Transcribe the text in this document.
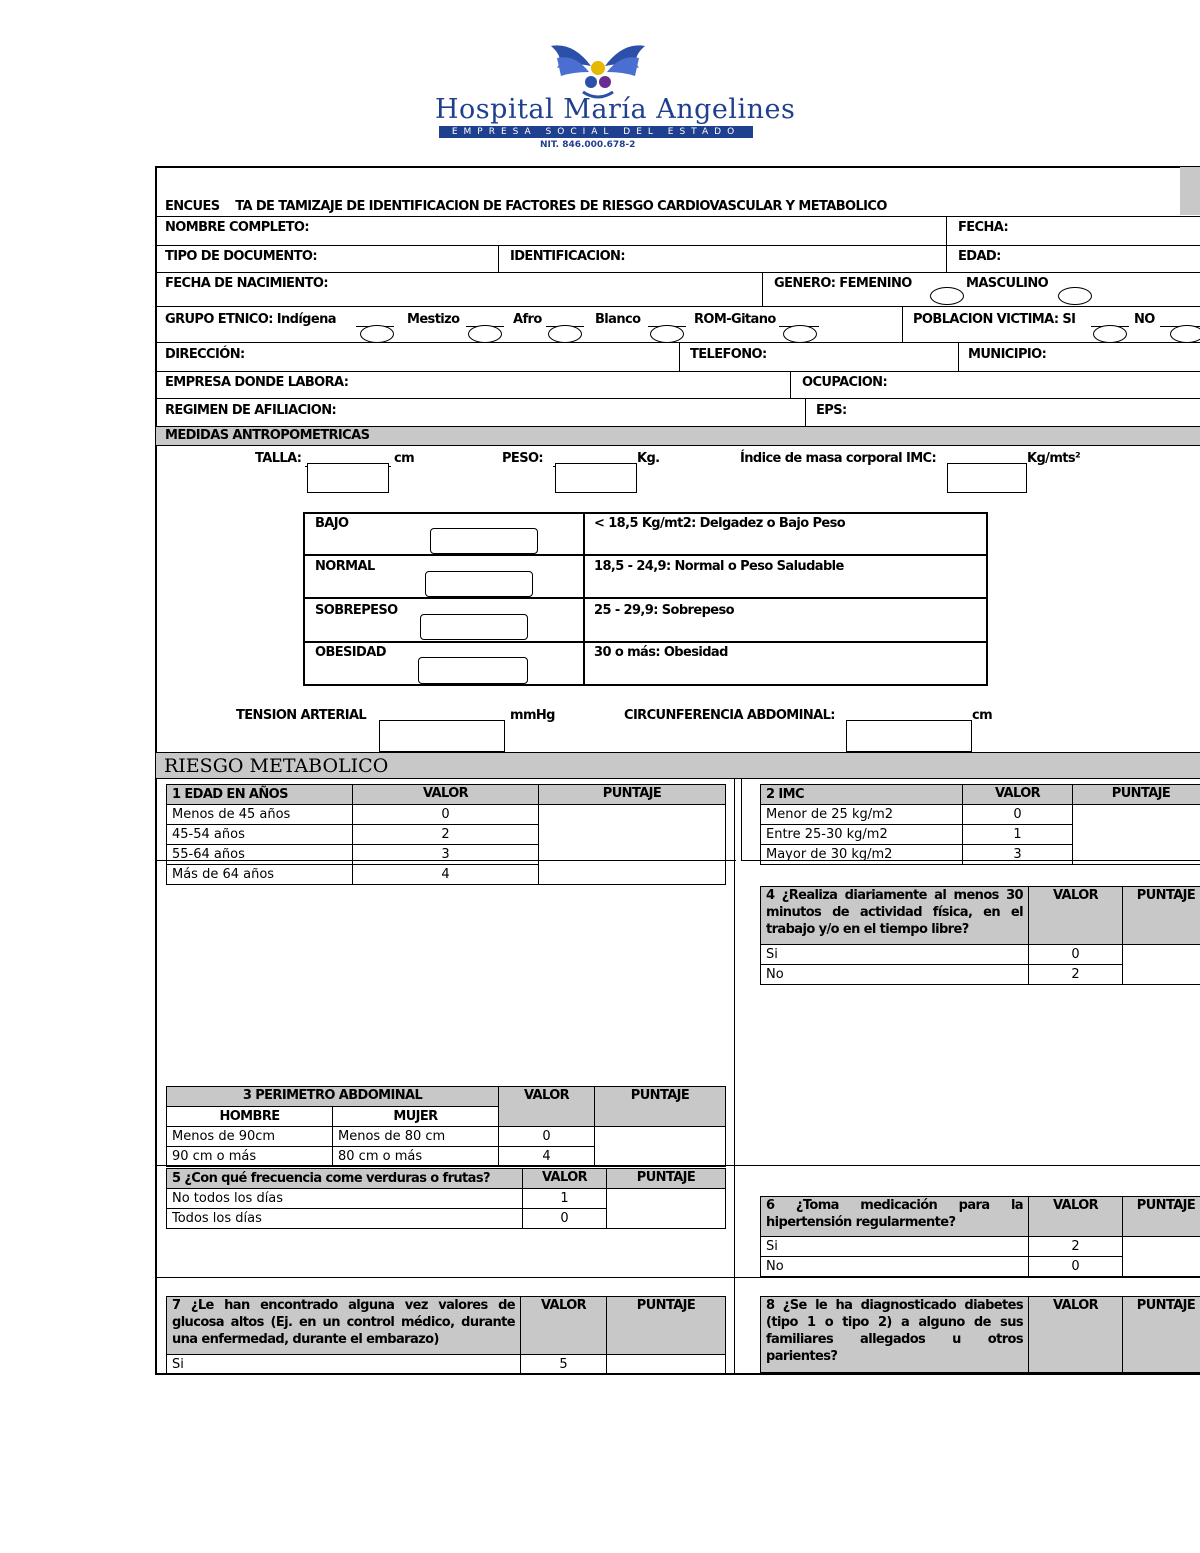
Hospital María Angelines
EMPRESA SOCIAL DEL ESTADO
NIT. 846.000.678-2
ENCUES    TA DE TAMIZAJE DE IDENTIFICACION DE FACTORES DE RIESGO CARDIOVASCULAR Y METABOLICO
NOMBRE COMPLETO:	FECHA:
TIPO DE DOCUMENTO:	IDENTIFICACION:	EDAD:
FECHA DE NACIMIENTO:	GENERO: FEMENINO	MASCULINO
GRUPO ETNICO: Indígena	Mestizo	Afro	Blanco	ROM-Gitano	POBLACION VICTIMA: SI	NO
DIRECCIÓN:	TELEFONO:	MUNICIPIO:
EMPRESA DONDE LABORA:	OCUPACION:
REGIMEN DE AFILIACION:	EPS:
MEDIDAS ANTROPOMETRICAS
TALLA:	cm	PESO:	Kg.	Índice de masa corporal IMC:	Kg/mts²
BAJO	< 18,5 Kg/mt2: Delgadez o Bajo Peso
NORMAL	18,5 - 24,9: Normal o Peso Saludable
SOBREPESO	25 - 29,9: Sobrepeso
OBESIDAD	30 o más: Obesidad
TENSION ARTERIAL	mmHg	CIRCUNFERENCIA ABDOMINAL:	cm
RIESGO METABOLICO
1 EDAD EN AÑOS	VALOR	PUNTAJE
Menos de 45 años	0	
45-54 años	2	
55-64 años	3	
Más de 64 años	4	
2 IMC	VALOR	PUNTAJE
Menor de 25 kg/m2	0	
Entre 25-30 kg/m2	1	
Mayor de 30 kg/m2	3	
4 ¿Realiza diariamente al menos 30 minutos de actividad física, en el trabajo y/o en el tiempo libre?	VALOR	PUNTAJE
Si	0	
No	2	
3 PERIMETRO ABDOMINAL		VALOR	PUNTAJE
HOMBRE	MUJER		
Menos de 90cm	Menos de 80 cm	0	
90 cm o más	80 cm o más	4	
5 ¿Con qué frecuencia come verduras o frutas?	VALOR	PUNTAJE
No todos los días	1	
Todos los días	0	
6 ¿Toma medicación para la hipertensión regularmente?	VALOR	PUNTAJE
Si	2	
No	0	
7 ¿Le han encontrado alguna vez valores de glucosa altos (Ej. en un control médico, durante una enfermedad, durante el embarazo)	VALOR	PUNTAJE
Si	5	
8 ¿Se le ha diagnosticado diabetes (tipo 1 o tipo 2) a alguno de sus familiares allegados u otros parientes?	VALOR	PUNTAJE
